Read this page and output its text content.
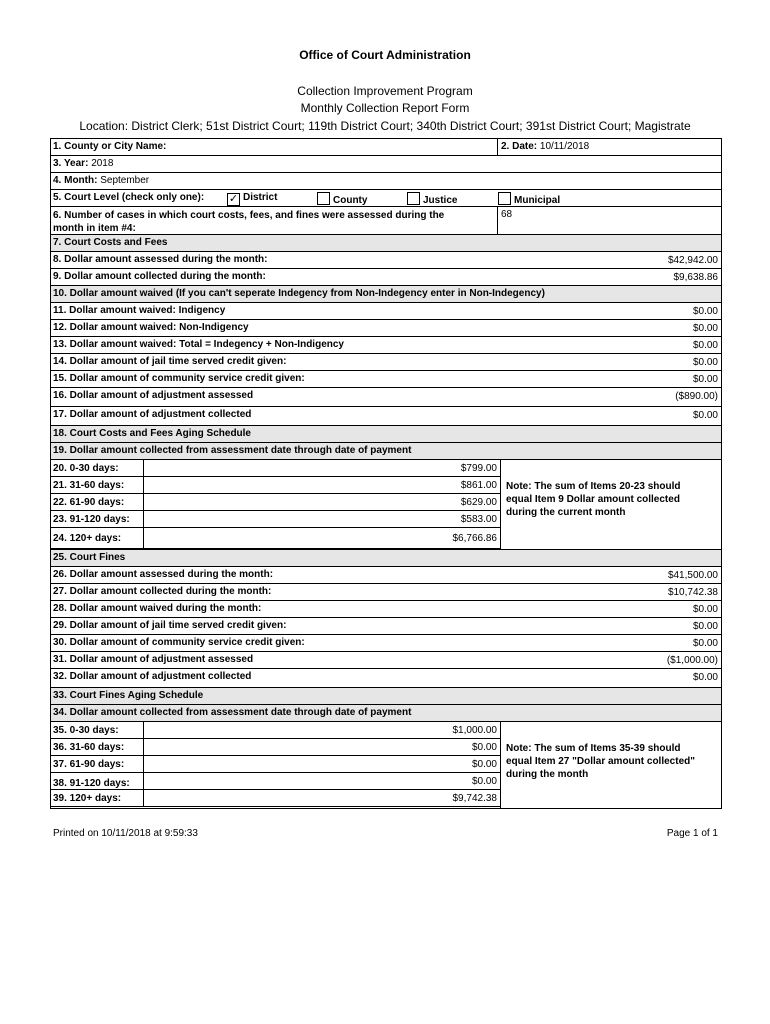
Office of Court Administration
Collection Improvement Program
Monthly Collection Report Form
Location: District Clerk; 51st District Court; 119th District Court; 340th District Court; 391st District Court; Magistrate
1. County or City Name:	2. Date: 10/11/2018
3. Year: 2018
4. Month: September
5. Court Level (check only one): ✓ District	County	Justice	Municipal
6. Number of cases in which court costs, fees, and fines were assessed during the
month in item #4:
68
7. Court Costs and Fees
8. Dollar amount assessed during the month:	$42,942.00
9. Dollar amount collected during the month:	$9,638.86
10. Dollar amount waived (If you can't seperate Indegency from Non-Indegency enter in Non-Indegency)
11. Dollar amount waived: Indigency	$0.00
12. Dollar amount waived: Non-Indigency	$0.00
13. Dollar amount waived: Total = Indegency + Non-Indigency	$0.00
14. Dollar amount of jail time served credit given:	$0.00
15. Dollar amount of community service credit given:	$0.00
16. Dollar amount of adjustment assessed	($890.00)
17. Dollar amount of adjustment collected	$0.00
18. Court Costs and Fees Aging Schedule
19. Dollar amount collected from assessment date through date of payment
20. 0-30 days:	$799.00
21. 31-60 days:	$861.00
22. 61-90 days:	$629.00
23. 91-120 days:	$583.00
24. 120+ days:	$6,766.86
Note: The sum of Items 20-23 should equal Item 9 Dollar amount collected during the current month
25. Court Fines
26. Dollar amount assessed during the month:	$41,500.00
27. Dollar amount collected during the month:	$10,742.38
28. Dollar amount waived during the month:	$0.00
29. Dollar amount of jail time served credit given:	$0.00
30. Dollar amount of community service credit given:	$0.00
31. Dollar amount of adjustment assessed	($1,000.00)
32. Dollar amount of adjustment collected	$0.00
33. Court Fines Aging Schedule
34. Dollar amount collected from assessment date through date of payment
35. 0-30 days:	$1,000.00
36. 31-60 days:	$0.00
37. 61-90 days:	$0.00
38. 91-120 days:	$0.00
39. 120+ days:	$9,742.38
Note: The sum of Items 35-39 should equal Item 27 "Dollar amount collected" during the month
Printed on 10/11/2018 at 9:59:33	Page 1 of 1
